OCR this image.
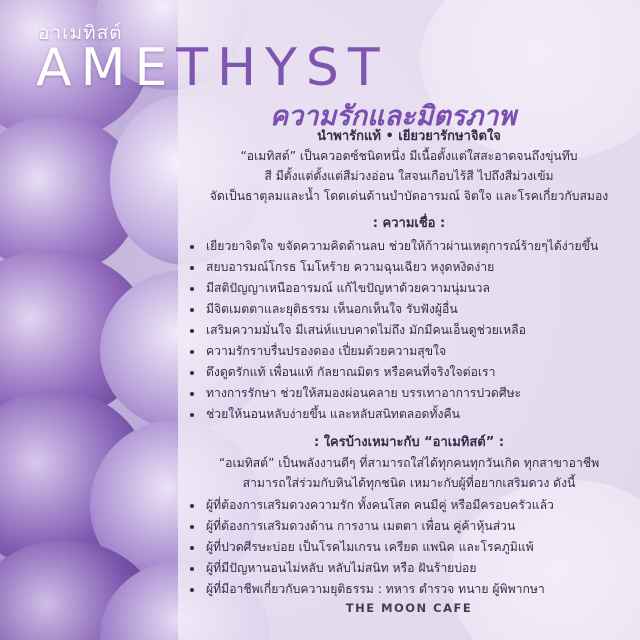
อาเมทิสต์
AMETHYST
ความรักและมิตรภาพ
นำพารักแท้ • เยียวยารักษาจิตใจ
“อเมทิสต์” เป็นควอตซ์ชนิดหนึ่ง มีเนื้อตั้งแต่ใสสะอาดจนถึงขุ่นทึบ
สี มีตั้งแต่ตั้งแต่สีม่วงอ่อน ใสจนเกือบไร้สี ไปถึงสีม่วงเข้ม
จัดเป็นธาตุลมและน้ำ โดดเด่นด้านบำบัดอารมณ์ จิตใจ และโรคเกี่ยวกับสมอง
: ความเชื่อ :
• เยียวยาจิตใจ ขจัดความคิดด้านลบ ช่วยให้ก้าวผ่านเหตุการณ์ร้ายๆได้ง่ายขึ้น
• สยบอารมณ์โกรธ โมโหร้าย ความฉุนเฉียว หงุดหงิดง่าย
• มีสติปัญญาเหนืออารมณ์ แก้ไขปัญหาด้วยความนุ่มนวล
• มีจิตเมตตาและยุติธรรม เห็นอกเห็นใจ รับฟังผู้อื่น
• เสริมความมั่นใจ มีเสน่ห์แบบคาดไม่ถึง มักมีคนเอ็นดูช่วยเหลือ
• ความรักราบรื่นปรองดอง เปี่ยมด้วยความสุขใจ
• ดึงดูดรักแท้ เพื่อนแท้ กัลยาณมิตร หรือคนที่จริงใจต่อเรา
• ทางการรักษา ช่วยให้สมองผ่อนคลาย บรรเทาอาการปวดศีษะ
• ช่วยให้นอนหลับง่ายขึ้น และหลับสนิทตลอดทั้งคืน
: ใครบ้างเหมาะกับ “อาเมทิสต์” :
“อเมทิสต์” เป็นพลังงานดีๆ ที่สามารถใส่ได้ทุกคนทุกวันเกิด ทุกสาขาอาชีพ
สามารถใส่ร่วมกับหินได้ทุกชนิด เหมาะกับผู้ที่อยากเสริมดวง ดังนี้
• ผู้ที่ต้องการเสริมดวงความรัก ทั้งคนโสด คนมีคู่ หรือมีครอบครัวแล้ว
• ผู้ที่ต้องการเสริมดวงด้าน การงาน เมตตา เพื่อน คู่ค้าหุ้นส่วน
• ผู้ที่ปวดศีรษะบ่อย เป็นโรคไมเกรน เครียด แพนิค และโรคภูมิแพ้
• ผู้ที่มีปัญหานอนไม่หลับ หลับไม่สนิท หรือ ฝันร้ายบ่อย
• ผู้ที่มีอาชีพเกี่ยวกับความยุติธรรม : ทหาร ตำรวจ ทนาย ผู้พิพากษา
THE MOON CAFE
